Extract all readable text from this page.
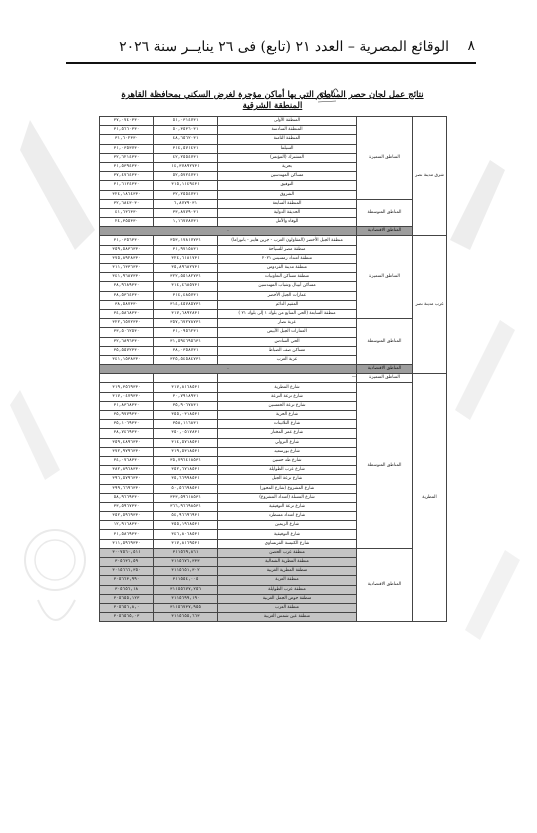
٨
الوقائع المصرية – العدد ٢١ (تابع) فى ٢٦ ينايــر سنة ٢٠٢٦
نتائج عمل لجان حصر المناطق التي بها أماكن مؤجرة لغرض السكني بمحافظة القاهرة
المنطقة الشرقية
شرق مدينة نصر	المناطق المتميزة	المنطقة الأولى	٥١,٠٣١٤٧٣١	٣٧,٠٧٤٠٣٣٠
		المنطقة السادسة	٥٠,٣٥٣٦٠٣١	٣١,٥٦٦٠٣٣٠
		المنطقة الثامنة	٤٨,٦٥٦٢٠٣١	٣١,٦٠٢٣٣٠
		السيلما	٣١٤,٥٧١٤٣١	٣١,٠٣٥٣٧٣٠
		المشترك (المؤتمر)	٤٢,٢٥٥٤٧٣١	٣٢,٦٢١٤٣٣٠
		بحرية	١٤,٣٧٨٩٢٧٣١	٣١,٥٣٩٤٣٣٠
		مساكن المهندسين	٥٢,٥٧٢٤٧٣١	٣٧,٤٧٦٤٣٣٠
		التوفيق	٣١٥,١١٤٩٤٣١	٣١,٦١٢٤٣٣٠
		الشروق	٣٢,٢٥٥٤٧٣١	٣٢٤,١٨٦٤٣٣٠
	المناطق المتوسطة	المنطقة السابعة	٦,٨٧٧٩٠٣١	٣٢,٦٨٤٣٠٣٠
		الحديقة الدولية	٣٣,٨٧٧٩٠٣١	٤١,٦٣٦٣٣٠
		الوفاء والأمل	١,١٦٧٧٨٧٣١	٢٤,٣٥٥٣٣٠
	المناطق الاقتصادية	-		
غرب مدينة نصر	المناطق المتميزة	منطقة الجبل الأخضر (المقاولون العرب - جرين هايتز - بانوراما)	٣٥٣,١٧٨١٧٧٣١	٣١,٠٣٥٦٣٣٠
		منطقة مصر للسياحة	٣١,٩٧١٥٨٣١	٣٥٩,٥٨٣٦٣٣٠
		منطقة امتداد رمسيس ٢٠٢١	٣٢٤,٦١٨١٧٣١	٣٧٥,٨٩٢٨٣٣٠
		منطقة مدينة الفردوس	٣٥,٨٩٦٨٢٧٣١	٣١١,٦٣٣٦٣٣٠
		منطقة مساكن التعاونيات	٣٢٢,٥٥١٨٢٧٣١	٣٤١,٩٦٨٧٣٣٠
		مساكن أبيبال وشباب المهندسين	٣١٤,٤٦٨٥٧٣١	٣٨,٩٦٨٩٣٣٠
		عمارات الجبل الأخضر	٣١٤,٤٨٥٧٣١	٣٨,٥٣٦٤٣٣٠
		المقيم الدائم	٣١٤,٤٥٧٨٥٧٣١	٣٨,٥٨٧٣٣٠
		منطقة السابعة (الحي السابع من بلوك ١ إلى بلوك ٢١ )	٣١٧,٦٨٩٢٨٣١	٣٤,٥٨٦٨٣٣٠
	المناطق المتوسطة	عزبة نصار	٣٥٧,٦٧٢٧٨٧٣١	٣٢٢,٦٥٧٢٣٣٠
		العمارات الجبل الأبيض	٣١,٠٩٥٦٢٣١	٣٣,٥٠٦٢٥٣٠
		الحي السادس	٣١,٥٩٤٦٩٥٦٣١	٣٢,٦٨٩٦٣٣٠
		مساكن صف الضباط	٣٨,٠٣٥٨٧٣١	٣٥,٥٥٧٢٣٣٠
		عزبة العرب	٣٢٥,٥٤٥٨٤٧٣١	٣٤١,١٥٣٨٣٣٠
	المناطق الاقتصادية	-		
المطرية	المناطق المتميزة	—		
	المناطق المتوسطة	شارع المطرية	٣١٧,٨١٦٨٥٣١	٣١٩,٣٥٦٩٣٣٠
		شارع ترعة الترعة	٣٠,٧٩١٨٩٣١	٣١٧,٠٤٧٩٣٣٠
		شارع ترعة الخمسين	٣٥,٩٠٦٧٨٣١	٣١,٨٣٦٨٣٣٠
		شارع الحرية	٣٥٥,٠٣١٨٥٣١	٣٥,٩٧٧٩٣٣٠
		شارع الثلاثينات	٣٥٨,١١٦٨٣١	٣٥,١٠٦٩٣٣٠
		شارع عمر المختار	٣٥٠,٠٥١٧٨٣١	٣٨,٧٤٦٩٣٣٠
		شارع الترولي	٣١٤,٥٧١٨٥٣١	٣٥٩,٤٨٩٦٣٣٠
		شارع بورسعيد	٣١٩,٥٣١٨٥٣١	٣٧٢,٩٧٩٦٣٣٠
		شارع طه حسين	٣٥,٧٩٦٤١٨٥٣١	٣٤,٠٧٦٨٣٣٠
		شارع عرب الطوايلة	٣٥٢,٦٧١٨٥٣١	٣٨٢,٨٩٦٨٣٣٠
		شارع ترعة الجبل	٣٥,٦٦٩٩٨٥٣١	٣٩٦,٥٧٩٦٣٣٠
		شارع المشروع (شارع المحور)	٥٠,٥٦٦٩٨٥٣١	٣٩٩,٦٦٩٦٣٣٠
		شارع المسلة (امتداد المشروع)	٣٣٣,٥٩٦١٨٥٣١	٥٨,٩٦٦٩٣٣٠
		شارع ترعة التوفيقية	٣٦٦,٩٦٦٩٨٥٣١	٣٣,٥٩٦٧٣٣٠
		شارع امتداد مسطرد	٥٤,٩٦٦٩٦٩٣١	٣٥٢,٥٩٦٩٣٣٠
		شارع الزيمين	٣٥٥,١٩٦٨٥٣١	١٢,٩١٦٨٣٣٠
		شارع التوفيقية	٣٤٦,٨٠٦٨٥٣١	٣١,٥٨٦٩٣٣٠
		شارع الكنيسة الفرنساوي	٣١٧,٨١٦٩٥٣١	٣١١,٥٩٦٩٣٣٠
	المناطق الاقتصادية	منطقة عرب الحصن	٣١١٥٦٩,٨٦١	٣٠٠٧٥٦٠,٥١١
		منطقة المطرية الشمالية	٣١١٥٦٧٦,٣٣٣	٣٠٥٦٣٦,٥٩
		منطقة المطرية الغربية	٣١١٥٦٥١,٣٠٢	٣٠١٥٦٦٦,٣٥٠
		منطقة العزبة	٣١١٥٥٤,٠٠٥	٣٠٥٦٦٣,٩٩٠
		منطقة عرب الطوايلة	٣١١٥٥٦٧٧,٢٥٦	٣٠٥٦٥٦,١٨
		منطقة حوض الجمل الغربية	٣١١٥٦٩٩,١٩٠	٣٠٥٦٥٥,١٢٣
		منطقة العزب	٣١١٥٦٧٣٧,٩٥٥	٣٠٥٦٥٦,٨,٠
		منطقة عين شمس الغربية	٣١١٥٦٥٥,٦٦٣	٣٠٥٦٥٦٥,٠٣
